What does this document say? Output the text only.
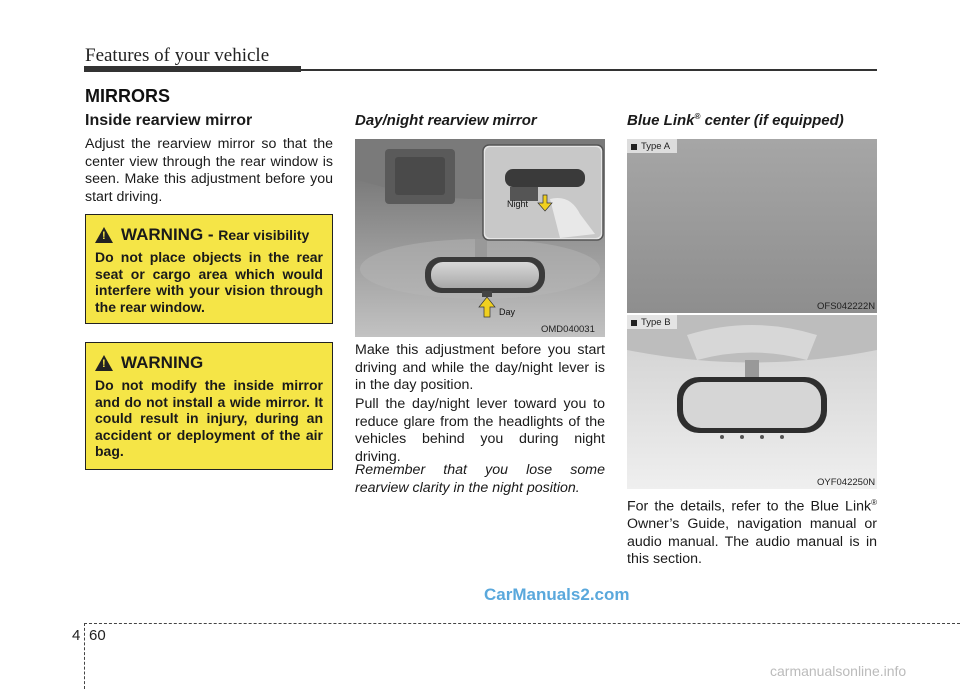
Features of your vehicle
MIRRORS
Inside rearview mirror
Adjust the rearview mirror so that the center view through the rear window is seen. Make this adjustment before you start driving.
!
WARNING - Rear visibility
Do not place objects in the rear seat or cargo area which would interfere with your vision through the rear window.
!
WARNING
Do not modify the inside mirror and do not install a wide mirror. It could result in injury, during an accident or deployment of the air bag.
Day/night rearview mirror
Night
Day
OMD040031
Make this adjustment before you start driving and while the day/night lever is in the day position.
Pull the day/night lever toward you to reduce glare from the headlights of the vehicles behind you during night driving.
Remember that you lose some rearview clarity in the night position.
Blue Link® center (if equipped)
Type A
OFS042222N
Type B
OYF042250N
For the details, refer to the Blue Link® Owner’s Guide, navigation manual or audio manual. The audio manual is in this section.
CarManuals2.com
4 60
carmanualsonline.info
